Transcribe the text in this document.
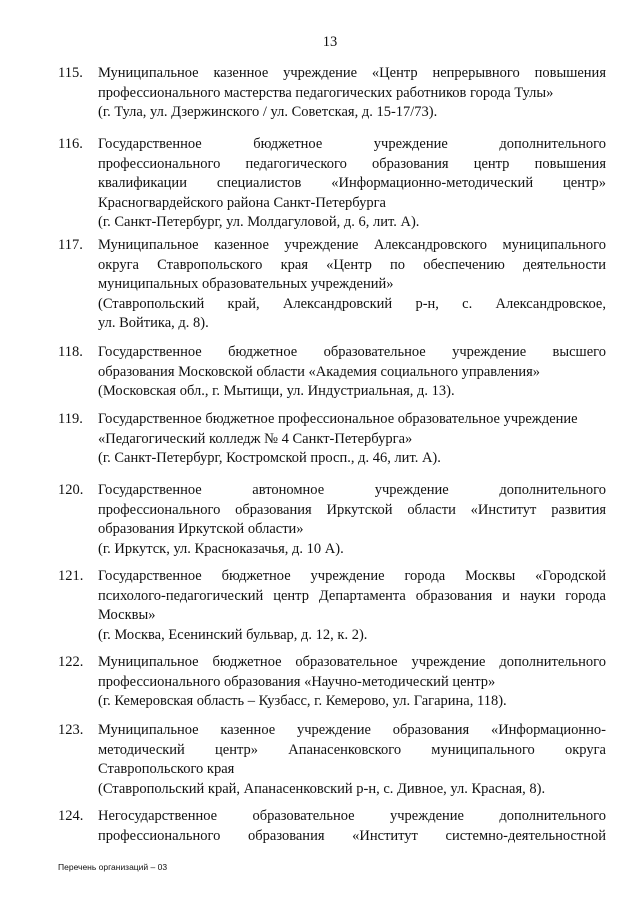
13
115.	Муниципальное казенное учреждение «Центр непрерывного повышения
профессионального мастерства педагогических работников города Тулы»
(г. Тула, ул. Дзержинского / ул. Советская, д. 15-17/73).
116.	Государственное бюджетное учреждение дополнительного
профессионального педагогического образования центр повышения
квалификации специалистов «Информационно-методический центр»
Красногвардейского района Санкт-Петербурга
(г. Санкт-Петербург, ул. Молдагуловой, д. 6, лит. А).
117.	Муниципальное казенное учреждение Александровского муниципального
округа Ставропольского края «Центр по обеспечению деятельности
муниципальных образовательных учреждений»
(Ставропольский край, Александровский р-н, с. Александровское,
ул. Войтика, д. 8).
118.	Государственное бюджетное образовательное учреждение высшего
образования Московской области «Академия социального управления»
(Московская обл., г. Мытищи, ул. Индустриальная, д. 13).
119.	Государственное бюджетное профессиональное образовательное учреждение
«Педагогический колледж № 4 Санкт-Петербурга»
(г. Санкт-Петербург, Костромской просп., д. 46, лит. А).
120.	Государственное автономное учреждение дополнительного
профессионального образования Иркутской области «Институт развития
образования Иркутской области»
(г. Иркутск, ул. Красноказачья, д. 10 А).
121.	Государственное бюджетное учреждение города Москвы «Городской
психолого-педагогический центр Департамента образования и науки города
Москвы»
(г. Москва, Есенинский бульвар, д. 12, к. 2).
122.	Муниципальное бюджетное образовательное учреждение дополнительного
профессионального образования «Научно-методический центр»
(г. Кемеровская область – Кузбасс, г. Кемерово, ул. Гагарина, 118).
123.	Муниципальное казенное учреждение образования «Информационно-
методический центр» Апанасенковского муниципального округа
Ставропольского края
(Ставропольский край, Апанасенковский р-н, с. Дивное, ул. Красная, 8).
124.	Негосударственное образовательное учреждение дополнительного
профессионального образования «Институт системно-деятельностной
Перечень организаций – 03
